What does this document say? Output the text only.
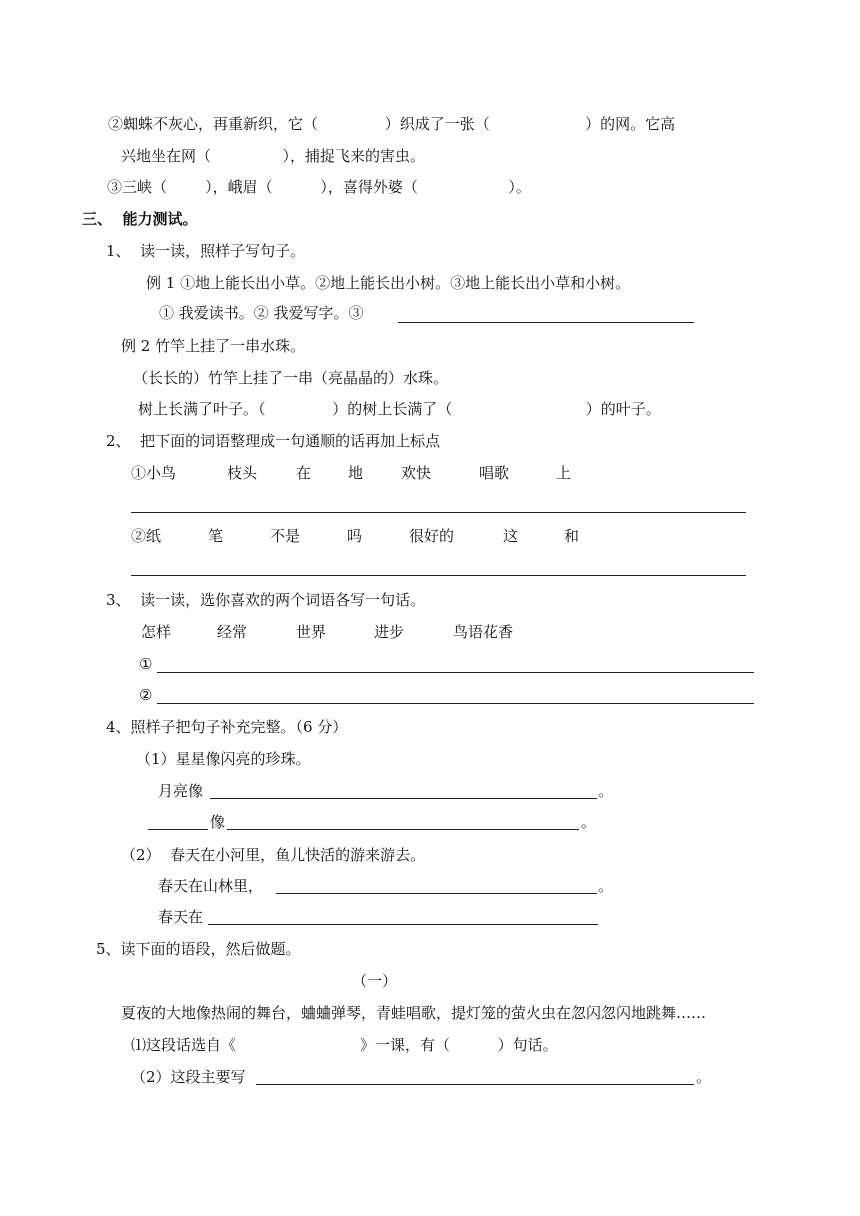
②蜘蛛不灰心，再重新织，它（              ）织成了一张（                    ）的网。它高
兴地坐在网（               ），捕捉飞来的害虫。
③三峡（        ），峨眉（          ），喜得外婆（                   ）。
三、  能力测试。
1、  读一读，照样子写句子。
例 1 ①地上能长出小草。②地上能长出小树。③地上能长出小草和小树。
① 我爱读书。② 我爱写字。③
例 2 竹竿上挂了一串水珠。
（长长的）竹竿上挂了一串（亮晶晶的）水珠。
树上长满了叶子。（              ）的树上长满了（                            ）的叶子。
2、  把下面的词语整理成一句通顺的话再加上标点
①小鸟	枝头	在 地	欢快	唱歌	上
②纸	笔	不是	吗	很好的	这	和
3、  读一读，选你喜欢的两个词语各写一句话。
怎样	经常	世界	进步	鸟语花香
①
②
4、照样子把句子补充完整。（6 分）
（1）星星像闪亮的珍珠。
月亮像	。
像	。
（2）  春天在小河里，鱼儿快活的游来游去。
春天在山林里，	。
春天在
5、读下面的语段，然后做题。
（一）
夏夜的大地像热闹的舞台，蛐蛐弹琴，青蛙唱歌，提灯笼的萤火虫在忽闪忽闪地跳舞……
⑴这段话选自《                          》一课，有（          ）句话。
（2）这段主要写	。
